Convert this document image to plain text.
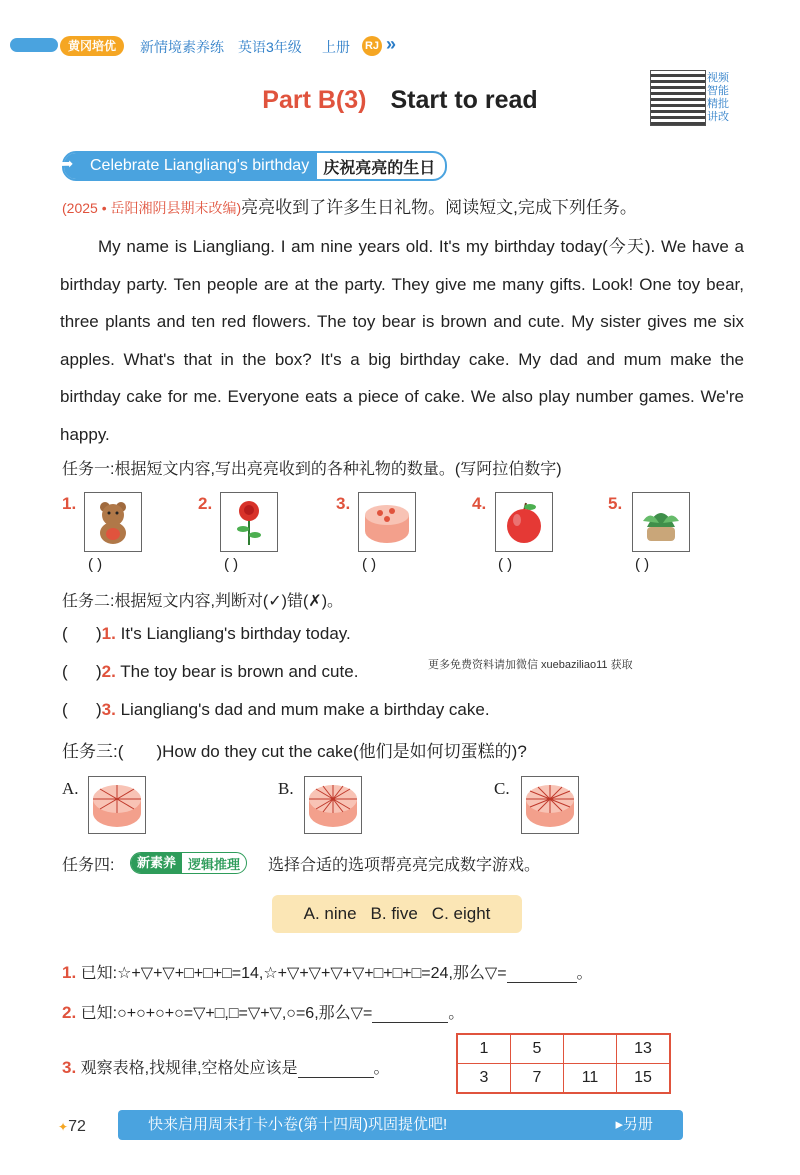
黄冈培优	新情境素养练 英语3年级 上册 RJ »
Part B(3) Start to read
视频 智能 精批 讲改
Celebrate Liangliang's birthday 庆祝亮亮的生日
➦
(2025 • 岳阳湘阴县期末改编)亮亮收到了许多生日礼物。阅读短文,完成下列任务。

My name is Liangliang. I am nine years old. It's my birthday today(今天). We have a birthday party. Ten people are at the party. They give me many gifts. Look! One toy bear, three plants and ten red flowers. The toy bear is brown and cute. My sister gives me six apples. What's that in the box? It's a big birthday cake. My dad and mum make the birthday cake for me. Everyone eats a piece of cake. We also play number games. We're happy.

任务一:根据短文内容,写出亮亮收到的各种礼物的数量。(写阿拉伯数字)
1.	2.	3.	4.	5.
( )	( )	( )	( )	( )
任务二:根据短文内容,判断对(✓)错(✗)。
(      )1. It's Liangliang's birthday today.
(      )2. The toy bear is brown and cute.	更多免费资料请加微信 xuebaziliao11 获取
(      )3. Liangliang's dad and mum make a birthday cake.
任务三:( )How do they cut the cake(他们是如何切蛋糕的)?
A.	B.	C.
任务四:	新素养 逻辑推理	选择合适的选项帮亮亮完成数字游戏。
A. nine B. five C. eight
1. 已知:☆+▽+▽+□+□+□=14,☆+▽+▽+▽+▽+□+□+□=24,那么▽=	。
2. 已知:○+○+○+○=▽+□,□=▽+▽,○=6,那么▽=	。
3. 观察表格,找规律,空格处应该是	。
1	5		13
3	7	11	15
✦72	快来启用周末打卡小卷(第十四周)巩固提优吧!	▸另册
